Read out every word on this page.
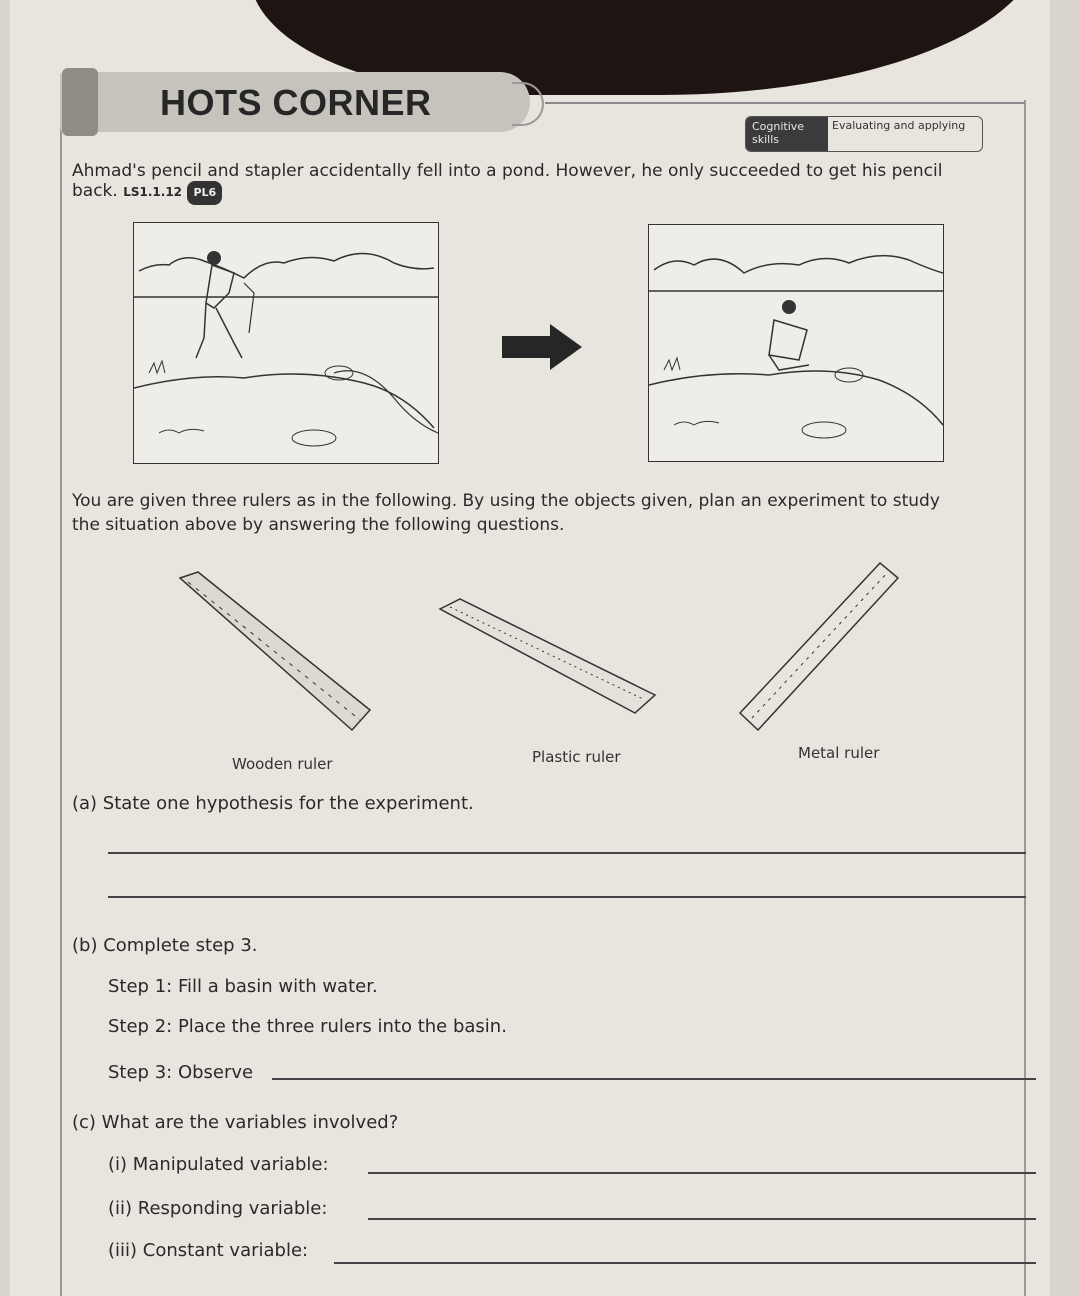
HOTS CORNER
Cognitive skills
Evaluating and applying
Ahmad's pencil and stapler accidentally fell into a pond. However, he only succeeded to get his pencil
back. LS1.1.12 PL6
You are given three rulers as in the following. By using the objects given, plan an experiment to study
the situation above by answering the following questions.
Wooden ruler	Plastic ruler	Metal ruler
(a) State one hypothesis for the experiment.
(b) Complete step 3.
Step 1: Fill a basin with water.
Step 2: Place the three rulers into the basin.
Step 3: Observe
(c) What are the variables involved?
(i) Manipulated variable:
(ii) Responding variable:
(iii) Constant variable:
